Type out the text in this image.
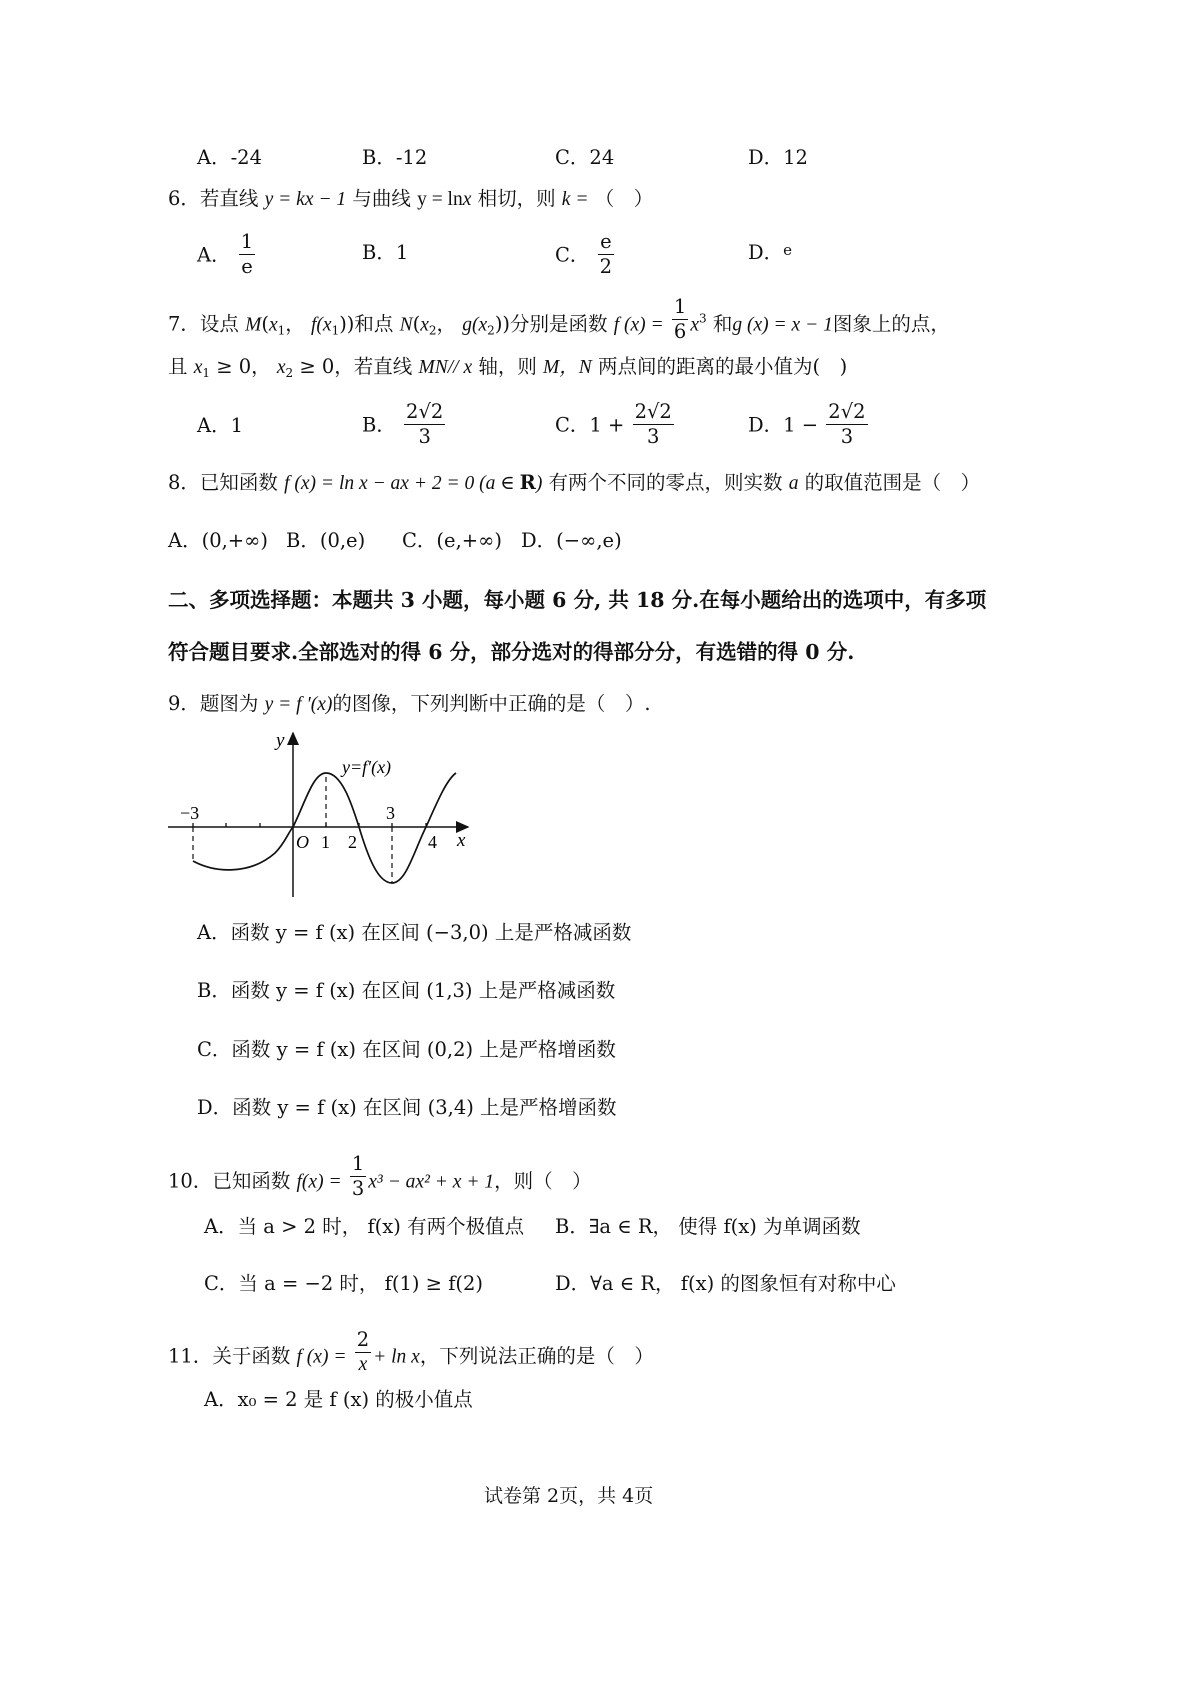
A．-24	B．-12	C．24	D．12
6．若直线 y = kx − 1 与曲线 y = lnx 相切，则 k = （　）
A． $\frac{1}{e}$	B．1	C． $\frac{e}{2}$	D．$^e$
7．设点 $M(x_1$， $f(x_1)$)和点 $N(x_2$， $g(x_2)$)分别是函数 f $(x) = \frac{1}{6} x^3$ 和g (x) = x − 1图象上的点，
且 $x_1 \ge 0$， $x_2 \ge 0$，若直线 MN// x 轴，则 M，N 两点间的距离的最小值为(　)
A．1	B． $\frac{2√2}{3}$	C．$1 + \frac{2√2}{3}$	D．$1 - \frac{2√2}{3}$
8．已知函数 f (x) = ln x − ax + 2 = 0 (a ∈ R) 有两个不同的零点，则实数 a 的取值范围是（　）
A．(0,+∞) B．(0,e) C．(e,+∞) D．(−∞,e)
二、多项选择题：本题共 3 小题，每小题 6 分, 共 18 分.在每小题给出的选项中，有多项
符合题目要求.全部选对的得 6 分，部分选对的得部分分，有选错的得 0 分.
9．题图为 y = f ′(x)的图像，下列判断中正确的是（　）.
y
x
y=f′(x)
O
−3
1 2
3
4
A．函数 y = f (x) 在区间 (−3,0) 上是严格减函数
B．函数 y = f (x) 在区间 (1,3) 上是严格减函数
C．函数 y = f (x) 在区间 (0,2) 上是严格增函数
D．函数 y = f (x) 在区间 (3,4) 上是严格增函数
10．已知函数 $f(x) = \frac{1}{3} x^3 - ax^2 + x + 1$，则（　）
A．当 a > 2 时， f(x) 有两个极值点 B．∃a ∈ R， 使得 f(x) 为单调函数
C．当 a = −2 时， f(1) ≥ f(2)	D．∀a ∈ R， f(x) 的图象恒有对称中心
11．关于函数 f $(x) = \frac{2}{x} + \ln x$，下列说法正确的是（　）
A．x₀ = 2 是 f (x) 的极小值点
试卷第 2页，共 4页
